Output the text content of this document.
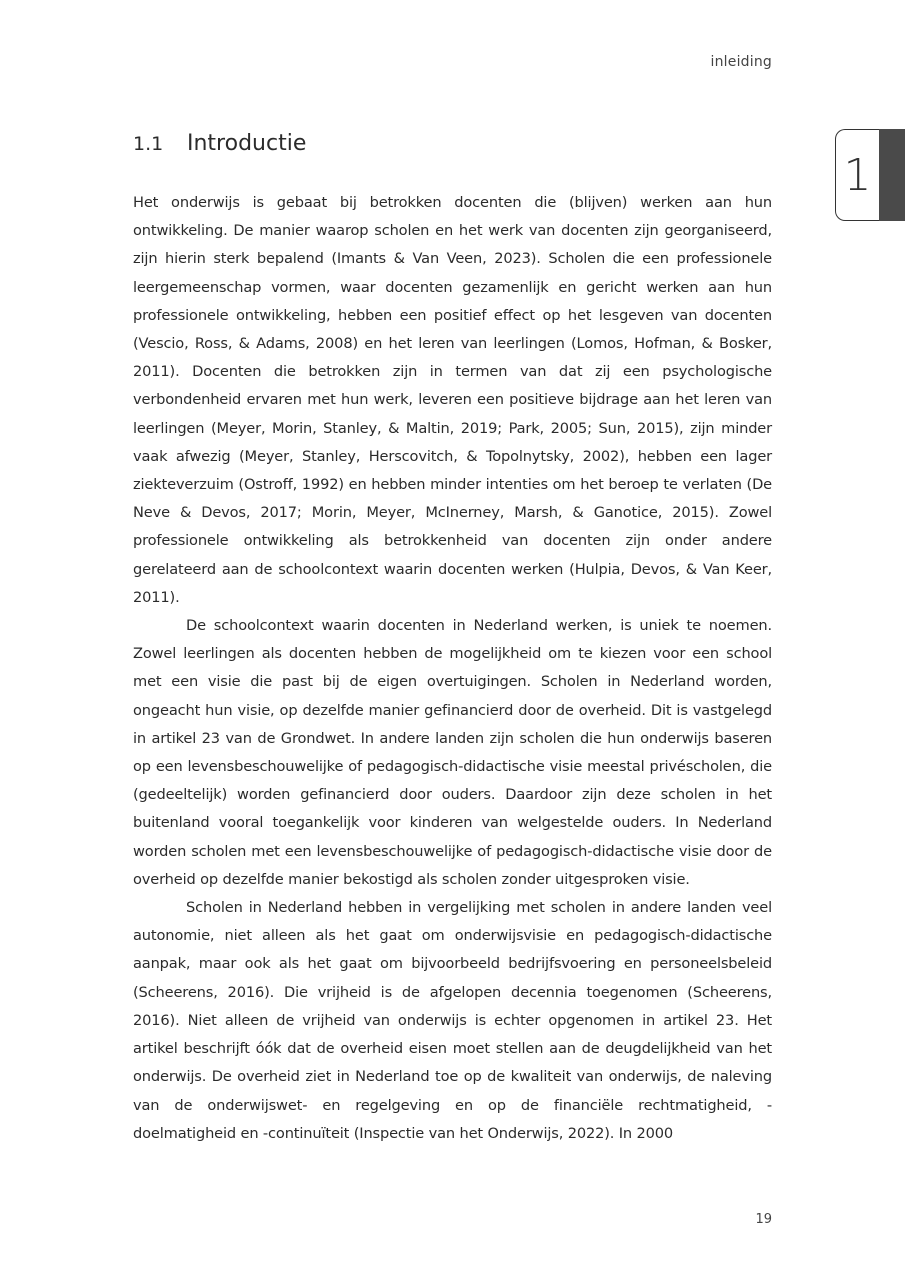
inleiding
1
1.1	Introductie

Het onderwijs is gebaat bij betrokken docenten die (blijven) werken aan hun ontwikkeling. De manier waarop scholen en het werk van docenten zijn georganiseerd, zijn hierin sterk bepalend (Imants & Van Veen, 2023). Scholen die een professionele leergemeenschap vormen, waar docenten gezamenlijk en gericht werken aan hun professionele ontwikkeling, hebben een positief effect op het lesgeven van docenten (Vescio, Ross, & Adams, 2008) en het leren van leerlingen (Lomos, Hofman, & Bosker, 2011). Docenten die betrokken zijn in termen van dat zij een psychologische verbondenheid ervaren met hun werk, leveren een positieve bijdrage aan het leren van leerlingen (Meyer, Morin, Stanley, & Maltin, 2019; Park, 2005; Sun, 2015), zijn minder vaak afwezig (Meyer, Stanley, Herscovitch, & Topolnytsky, 2002), hebben een lager ziekteverzuim (Ostroff, 1992) en hebben minder intenties om het beroep te verlaten (De Neve & Devos, 2017; Morin, Meyer, McInerney, Marsh, & Ganotice, 2015). Zowel professionele ontwikkeling als betrokkenheid van docenten zijn onder andere gerelateerd aan de schoolcontext waarin docenten werken (Hulpia, Devos, & Van Keer, 2011).

De schoolcontext waarin docenten in Nederland werken, is uniek te noemen. Zowel leerlingen als docenten hebben de mogelijkheid om te kiezen voor een school met een visie die past bij de eigen overtuigingen. Scholen in Nederland worden, ongeacht hun visie, op dezelfde manier gefinancierd door de overheid. Dit is vastgelegd in artikel 23 van de Grondwet. In andere landen zijn scholen die hun onderwijs baseren op een levensbeschouwelijke of pedagogisch-didactische visie meestal privéscholen, die (gedeeltelijk) worden gefinancierd door ouders. Daardoor zijn deze scholen in het buitenland vooral toegankelijk voor kinderen van welgestelde ouders. In Nederland worden scholen met een levensbeschouwelijke of pedagogisch-didactische visie door de overheid op dezelfde manier bekostigd als scholen zonder uitgesproken visie.

Scholen in Nederland hebben in vergelijking met scholen in andere landen veel autonomie, niet alleen als het gaat om onderwijsvisie en pedagogisch-didactische aanpak, maar ook als het gaat om bijvoorbeeld bedrijfsvoering en personeelsbeleid (Scheerens, 2016). Die vrijheid is de afgelopen decennia toegenomen (Scheerens, 2016). Niet alleen de vrijheid van onderwijs is echter opgenomen in artikel 23. Het artikel beschrijft óók dat de overheid eisen moet stellen aan de deugdelijkheid van het onderwijs. De overheid ziet in Nederland toe op de kwaliteit van onderwijs, de naleving van de onderwijswet- en regelgeving en op de financiële rechtmatigheid, - doelmatigheid en -continuïteit (Inspectie van het Onderwijs, 2022). In 2000

19
